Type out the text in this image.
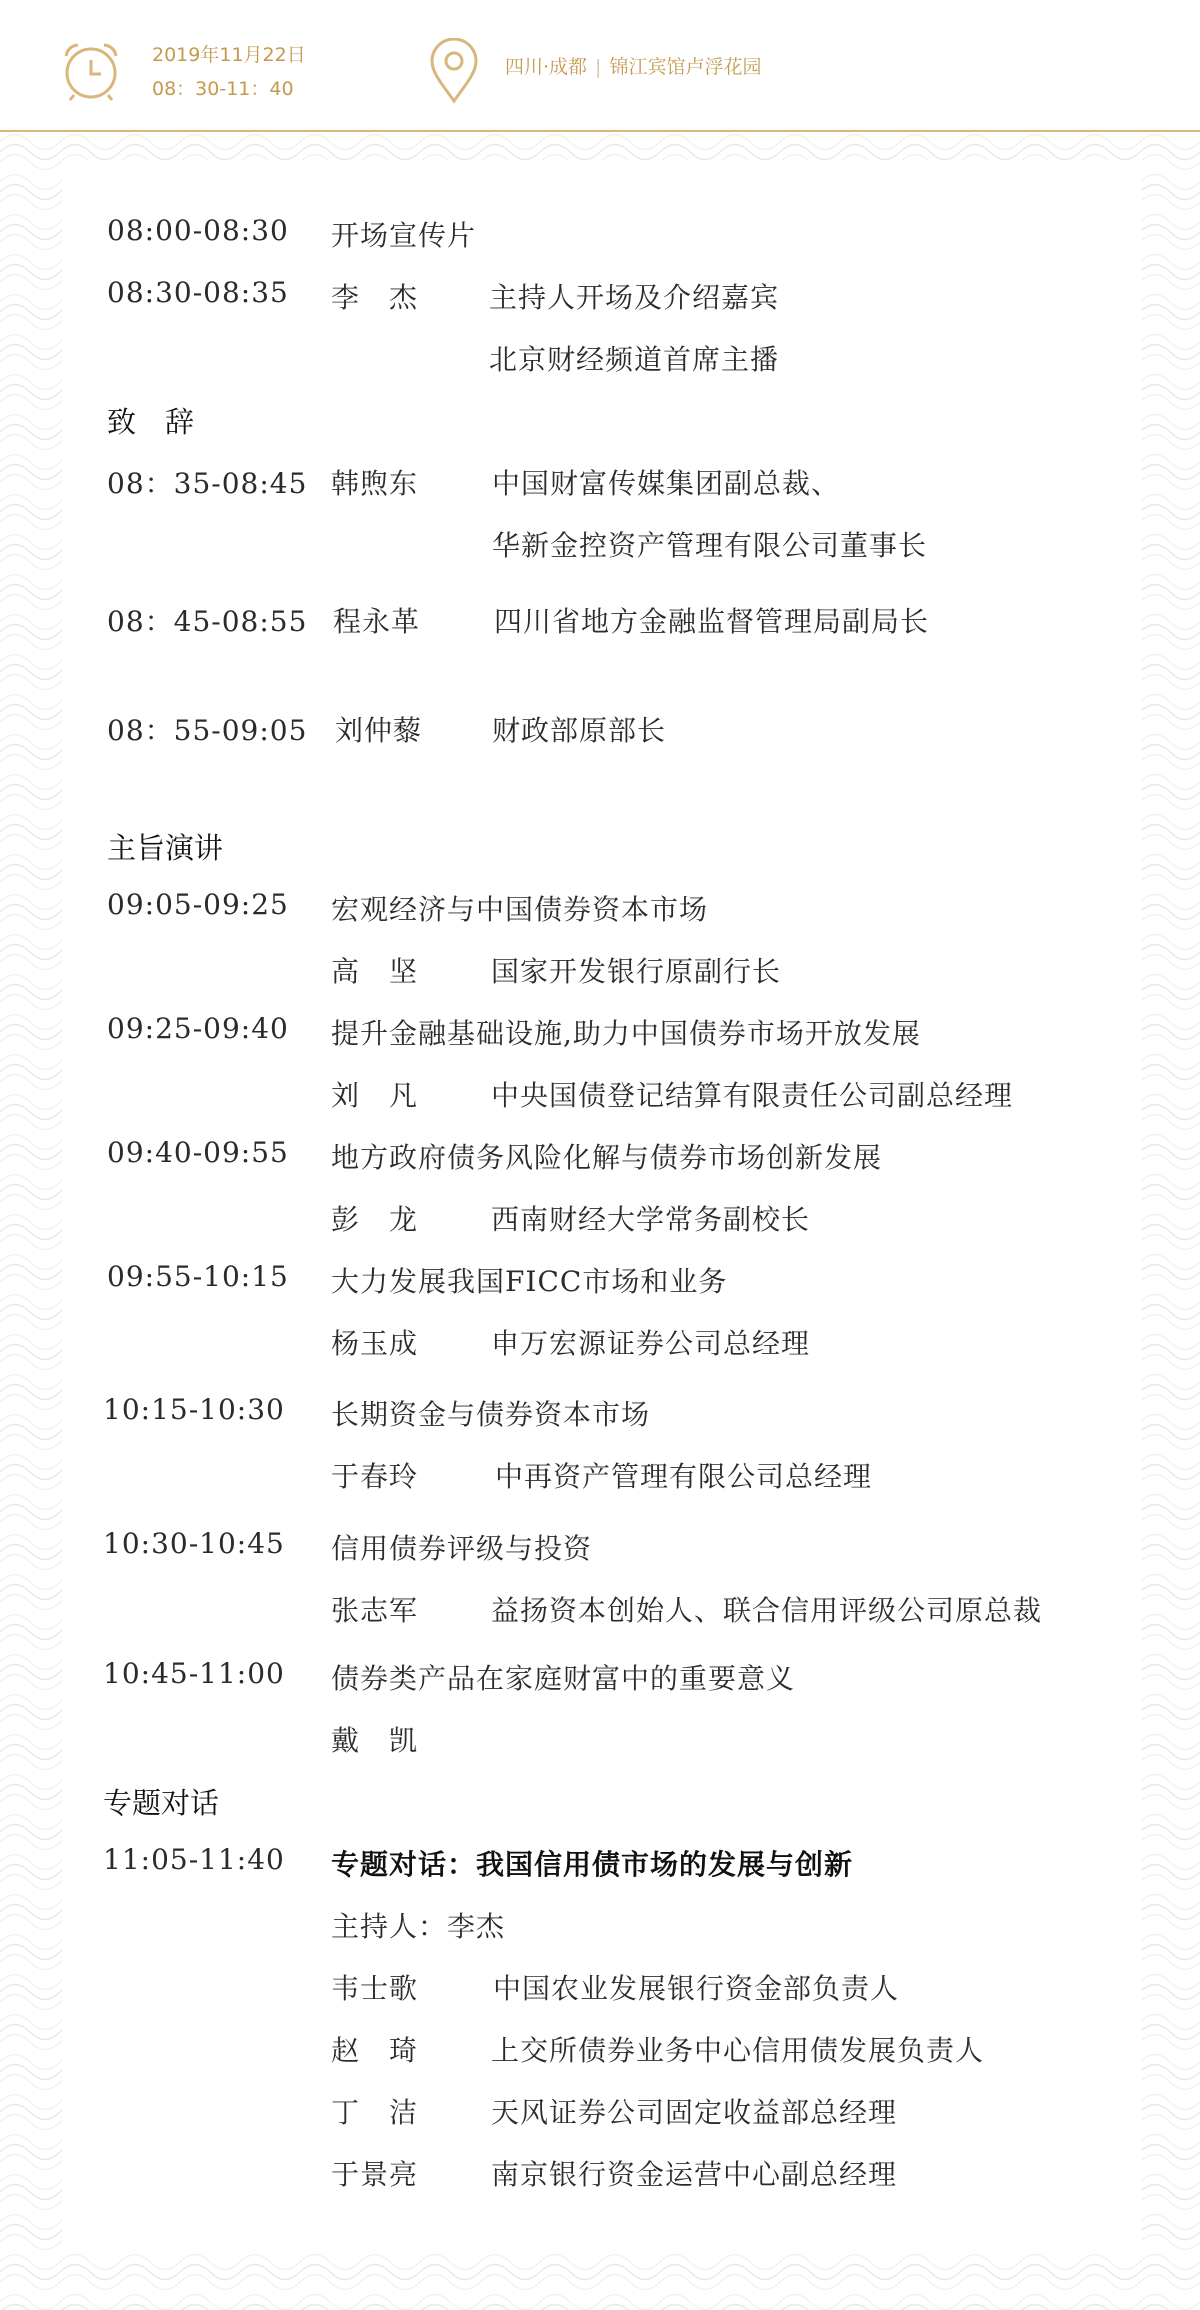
2019年11月22日
08：30-11：40
四川·成都 | 锦江宾馆卢浮花园
08:00-08:30 开场宣传片
08:30-08:35 李　杰	主持人开场及介绍嘉宾
北京财经频道首席主播
致　辞
08：35-08:45 韩煦东	中国财富传媒集团副总裁、
华新金控资产管理有限公司董事长
08：45-08:55 程永革	四川省地方金融监督管理局副局长
08：55-09:05 刘仲藜 财政部原部长
主旨演讲
09:05-09:25 宏观经济与中国债券资本市场
高　坚	国家开发银行原副行长
09:25-09:40 提升金融基础设施,助力中国债券市场开放发展
刘　凡	中央国债登记结算有限责任公司副总经理
09:40-09:55 地方政府债务风险化解与债券市场创新发展
彭　龙	西南财经大学常务副校长
09:55-10:15 大力发展我国FICC市场和业务
杨玉成	申万宏源证券公司总经理
10:15-10:30 长期资金与债券资本市场
于春玲	中再资产管理有限公司总经理
10:30-10:45 信用债券评级与投资
张志军	益扬资本创始人、联合信用评级公司原总裁
10:45-11:00 债券类产品在家庭财富中的重要意义
戴　凯
专题对话
11:05-11:40 专题对话：我国信用债市场的发展与创新
主持人：李杰
韦士歌	中国农业发展银行资金部负责人
赵　琦	上交所债券业务中心信用债发展负责人
丁　洁	天风证券公司固定收益部总经理
于景亮	南京银行资金运营中心副总经理
